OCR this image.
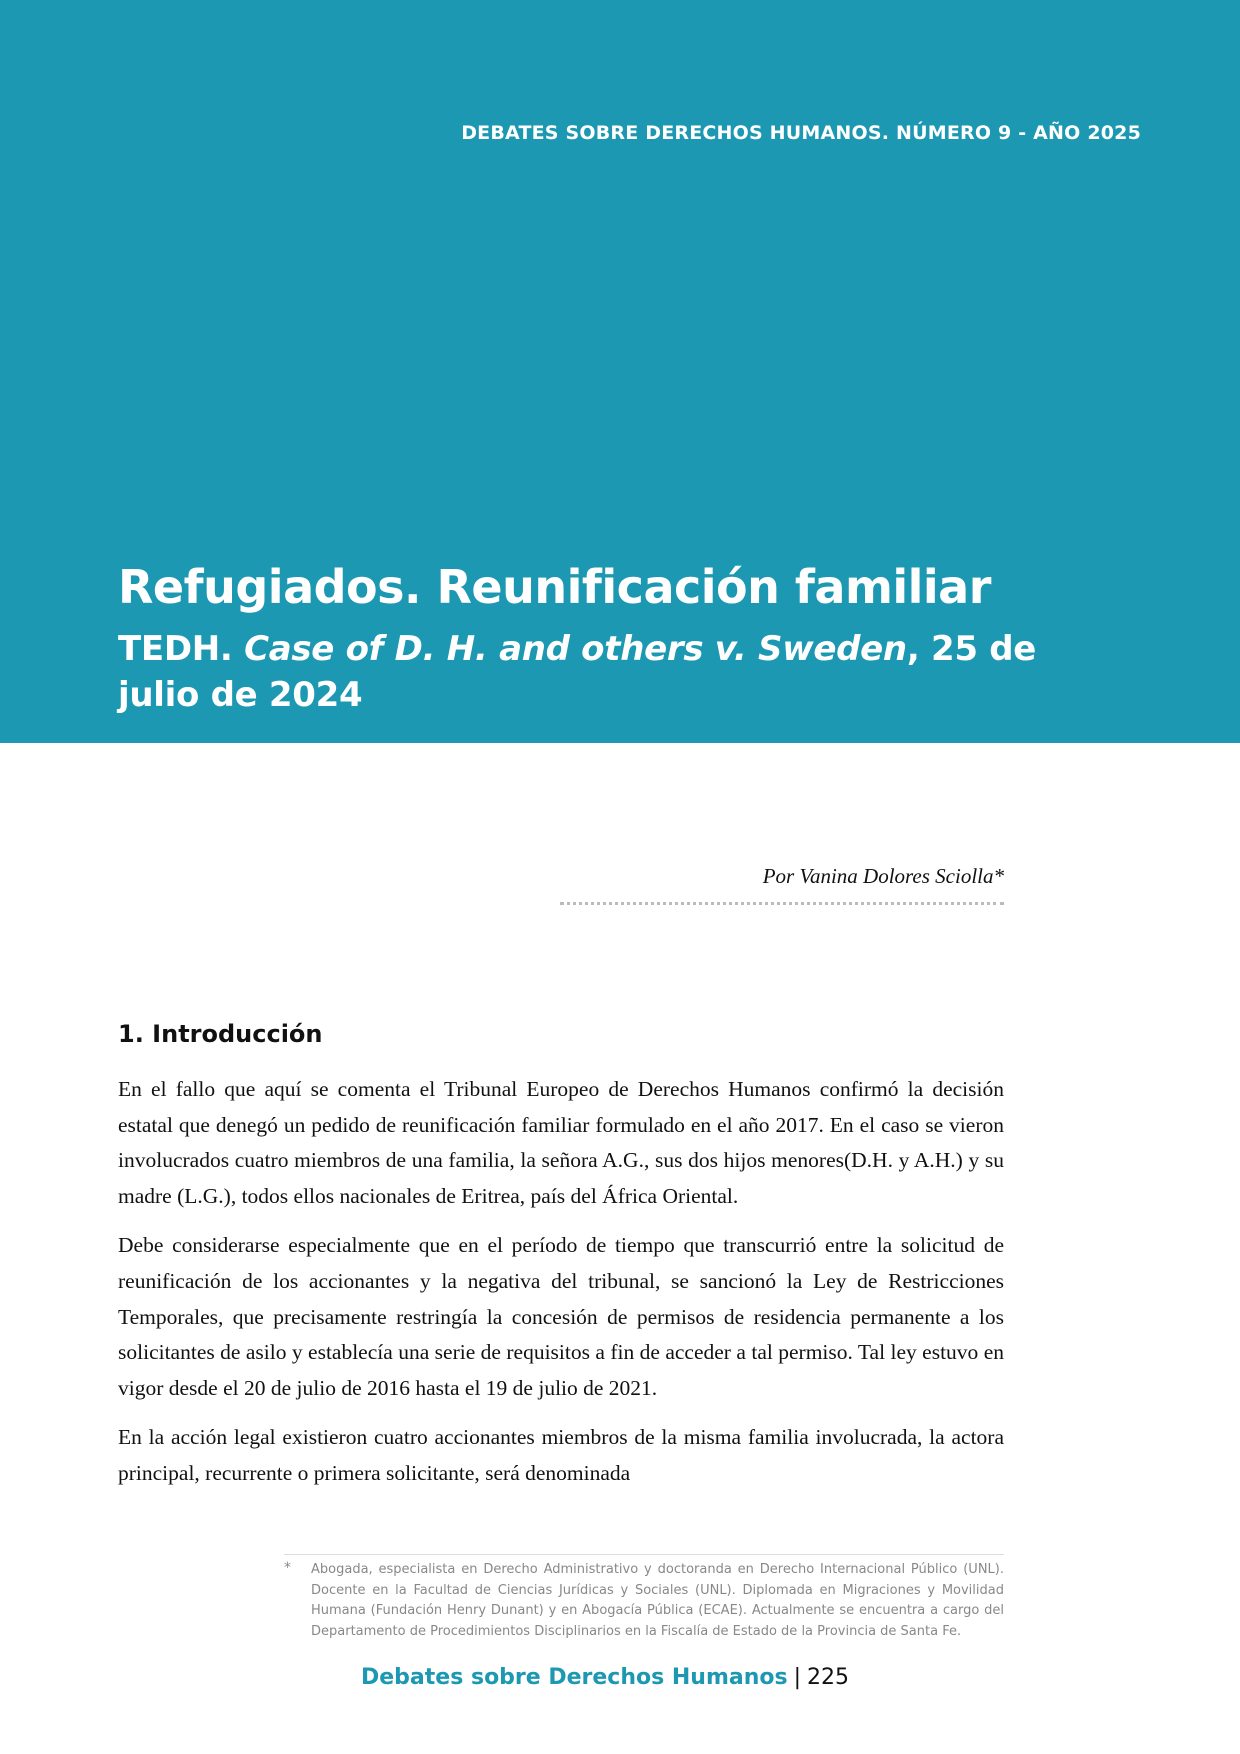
DEBATES SOBRE DERECHOS HUMANOS. NÚMERO 9 - AÑO 2025
Refugiados. Reunificación familiar
TEDH. Case of D. H. and others v. Sweden, 25 de julio de 2024
Por Vanina Dolores Sciolla*
1. Introducción

En el fallo que aquí se comenta el Tribunal Europeo de Derechos Humanos confirmó la decisión estatal que denegó un pedido de reunificación familiar formulado en el año 2017. En el caso se vieron involucrados cuatro miembros de una familia, la señora A.G., sus dos hijos menores(D.H. y A.H.) y su madre (L.G.), todos ellos nacionales de Eritrea, país del África Oriental.

Debe considerarse especialmente que en el período de tiempo que transcurrió entre la solicitud de reunificación de los accionantes y la negativa del tribunal, se sancionó la Ley de Restricciones Temporales, que precisamente restringía la concesión de permisos de residencia permanente a los solicitantes de asilo y establecía una serie de requisitos a fin de acceder a tal permiso. Tal ley estuvo en vigor desde el 20 de julio de 2016 hasta el 19 de julio de 2021.

En la acción legal existieron cuatro accionantes miembros de la misma familia involucrada, la actora principal, recurrente o primera solicitante, será denominada

* Abogada, especialista en Derecho Administrativo y doctoranda en Derecho Internacional Público (UNL). Docente en la Facultad de Ciencias Jurídicas y Sociales (UNL). Diplomada en Migraciones y Movilidad Humana (Fundación Henry Dunant) y en Abogacía Pública (ECAE). Actualmente se encuentra a cargo del Departamento de Procedimientos Disciplinarios en la Fiscalía de Estado de la Provincia de Santa Fe.
Debates sobre Derechos Humanos | 225
